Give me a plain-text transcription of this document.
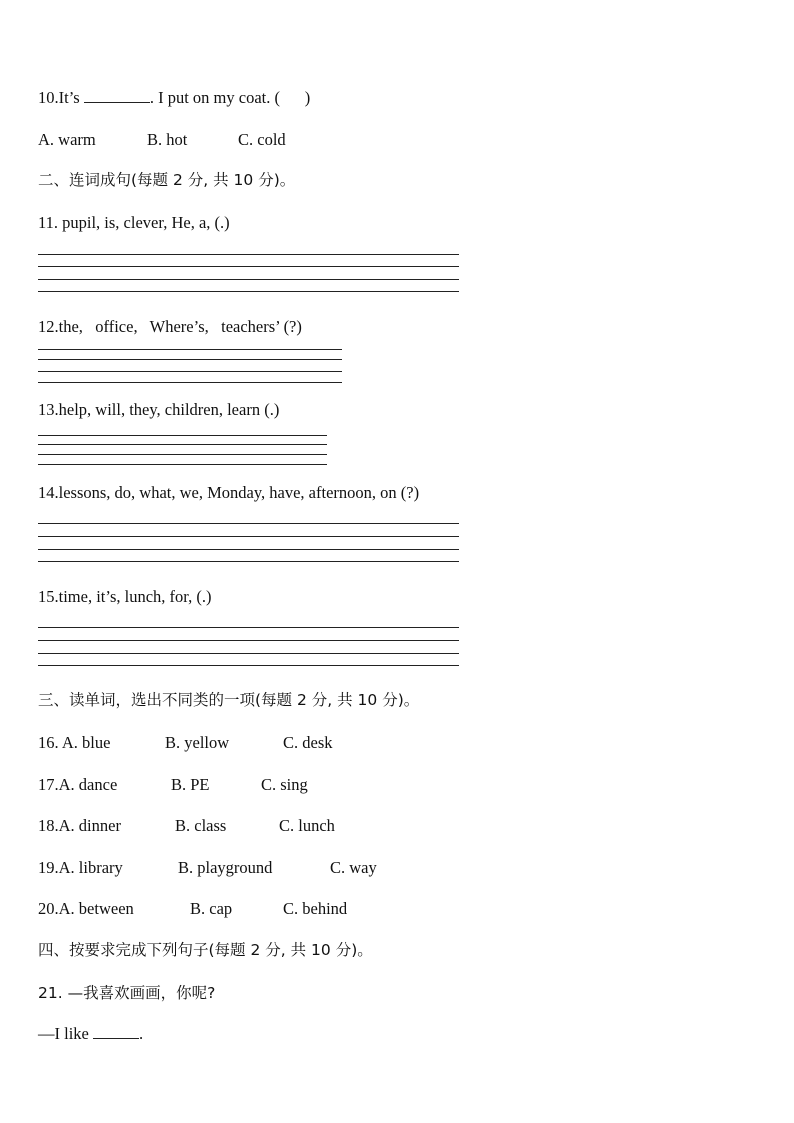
10.It’s	. I put on my coat. (      )

A. warm

	B. hot

	C. cold

二、连词成句(每题 2 分, 共 10 分)。
11. pupil, is, clever, He, a, (.)
12.the,   office,   Where’s,   teachers’ (?)
13.help, will, they, children, learn (.)
14.lessons, do, what, we, Monday, have, afternoon, on (?)
15.time, it’s, lunch, for, (.)
三、读单词，选出不同类的一项(每题 2 分, 共 10 分)。

16. A. blue

	B. yellow

	C. desk

17.A. dance

	B. PE

	C. sing

18.A. dinner

	B. class

	C. lunch

19.A. library

	B. playground

	C. way

20.A. between

	B. cap

	C. behind

四、按要求完成下列句子(每题 2 分, 共 10 分)。
21. —我喜欢画画，你呢?
—I like	.
